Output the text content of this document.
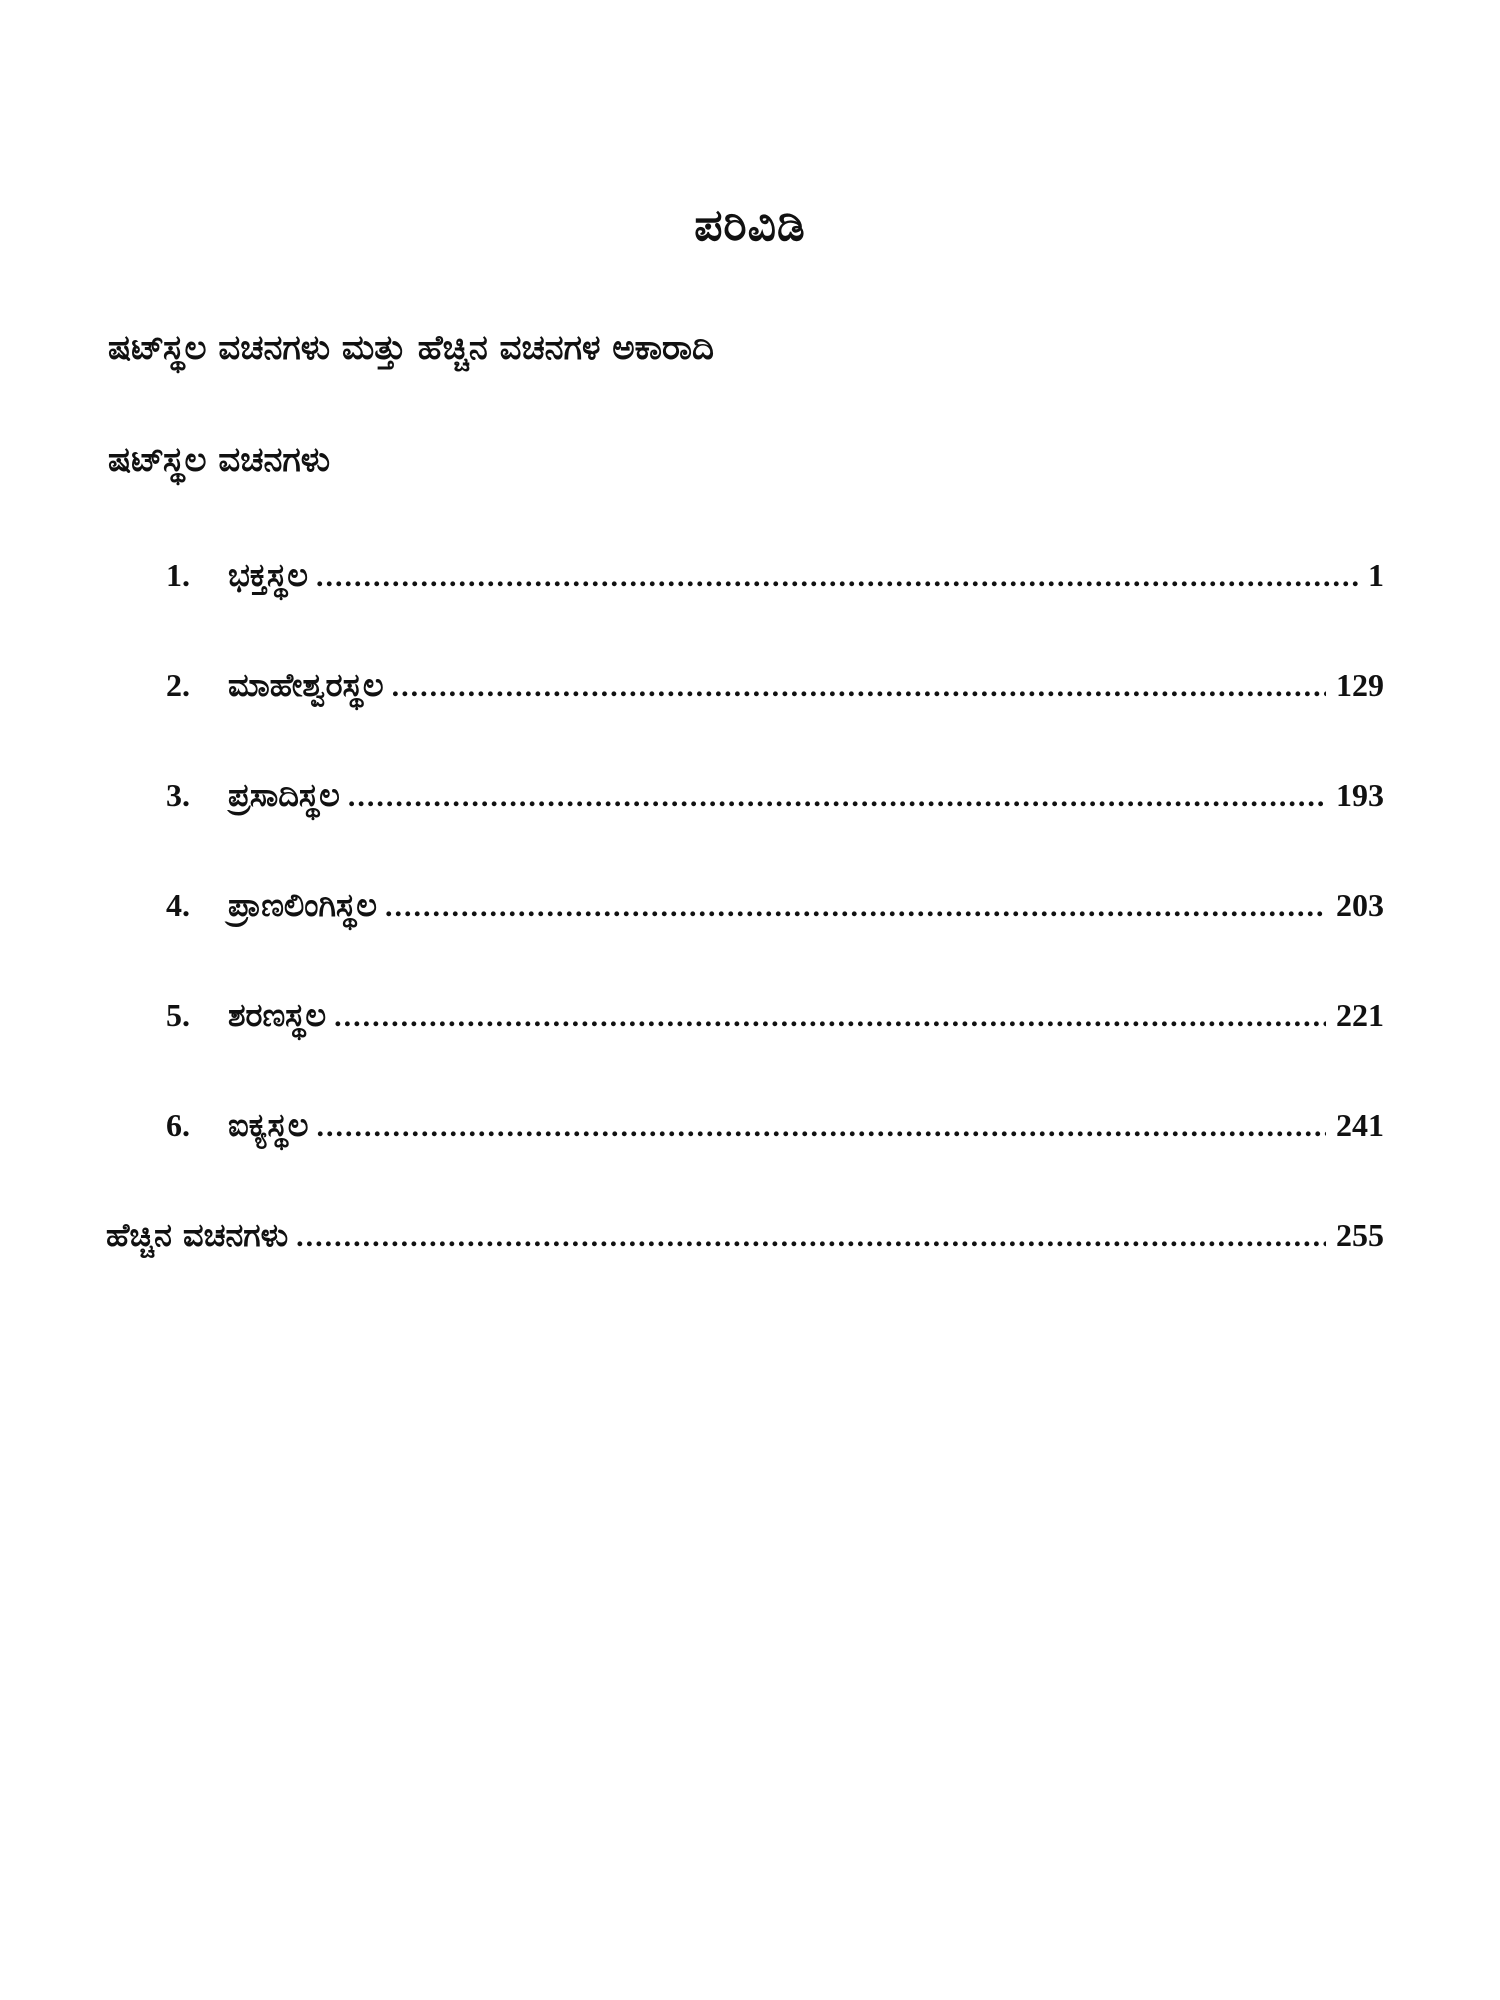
ಪರಿವಿಡಿ
ಷಟ್‍ಸ್ಥಲ ವಚನಗಳು ಮತ್ತು ಹೆಚ್ಚಿನ ವಚನಗಳ ಅಕಾರಾದಿ
ಷಟ್‍ಸ್ಥಲ ವಚನಗಳು
1.	ಭಕ್ತಸ್ಥಲ .....	1
2.	ಮಾಹೇಶ್ವರಸ್ಥಲ .....	129
3.	ಪ್ರಸಾದಿಸ್ಥಲ .....	193
4.	ಪ್ರಾಣಲಿಂಗಿಸ್ಥಲ .....	203
5.	ಶರಣಸ್ಥಲ .....	221
6.	ಐಕ್ಯಸ್ಥಲ .....	241
ಹೆಚ್ಚಿನ ವಚನಗಳು .....	255
